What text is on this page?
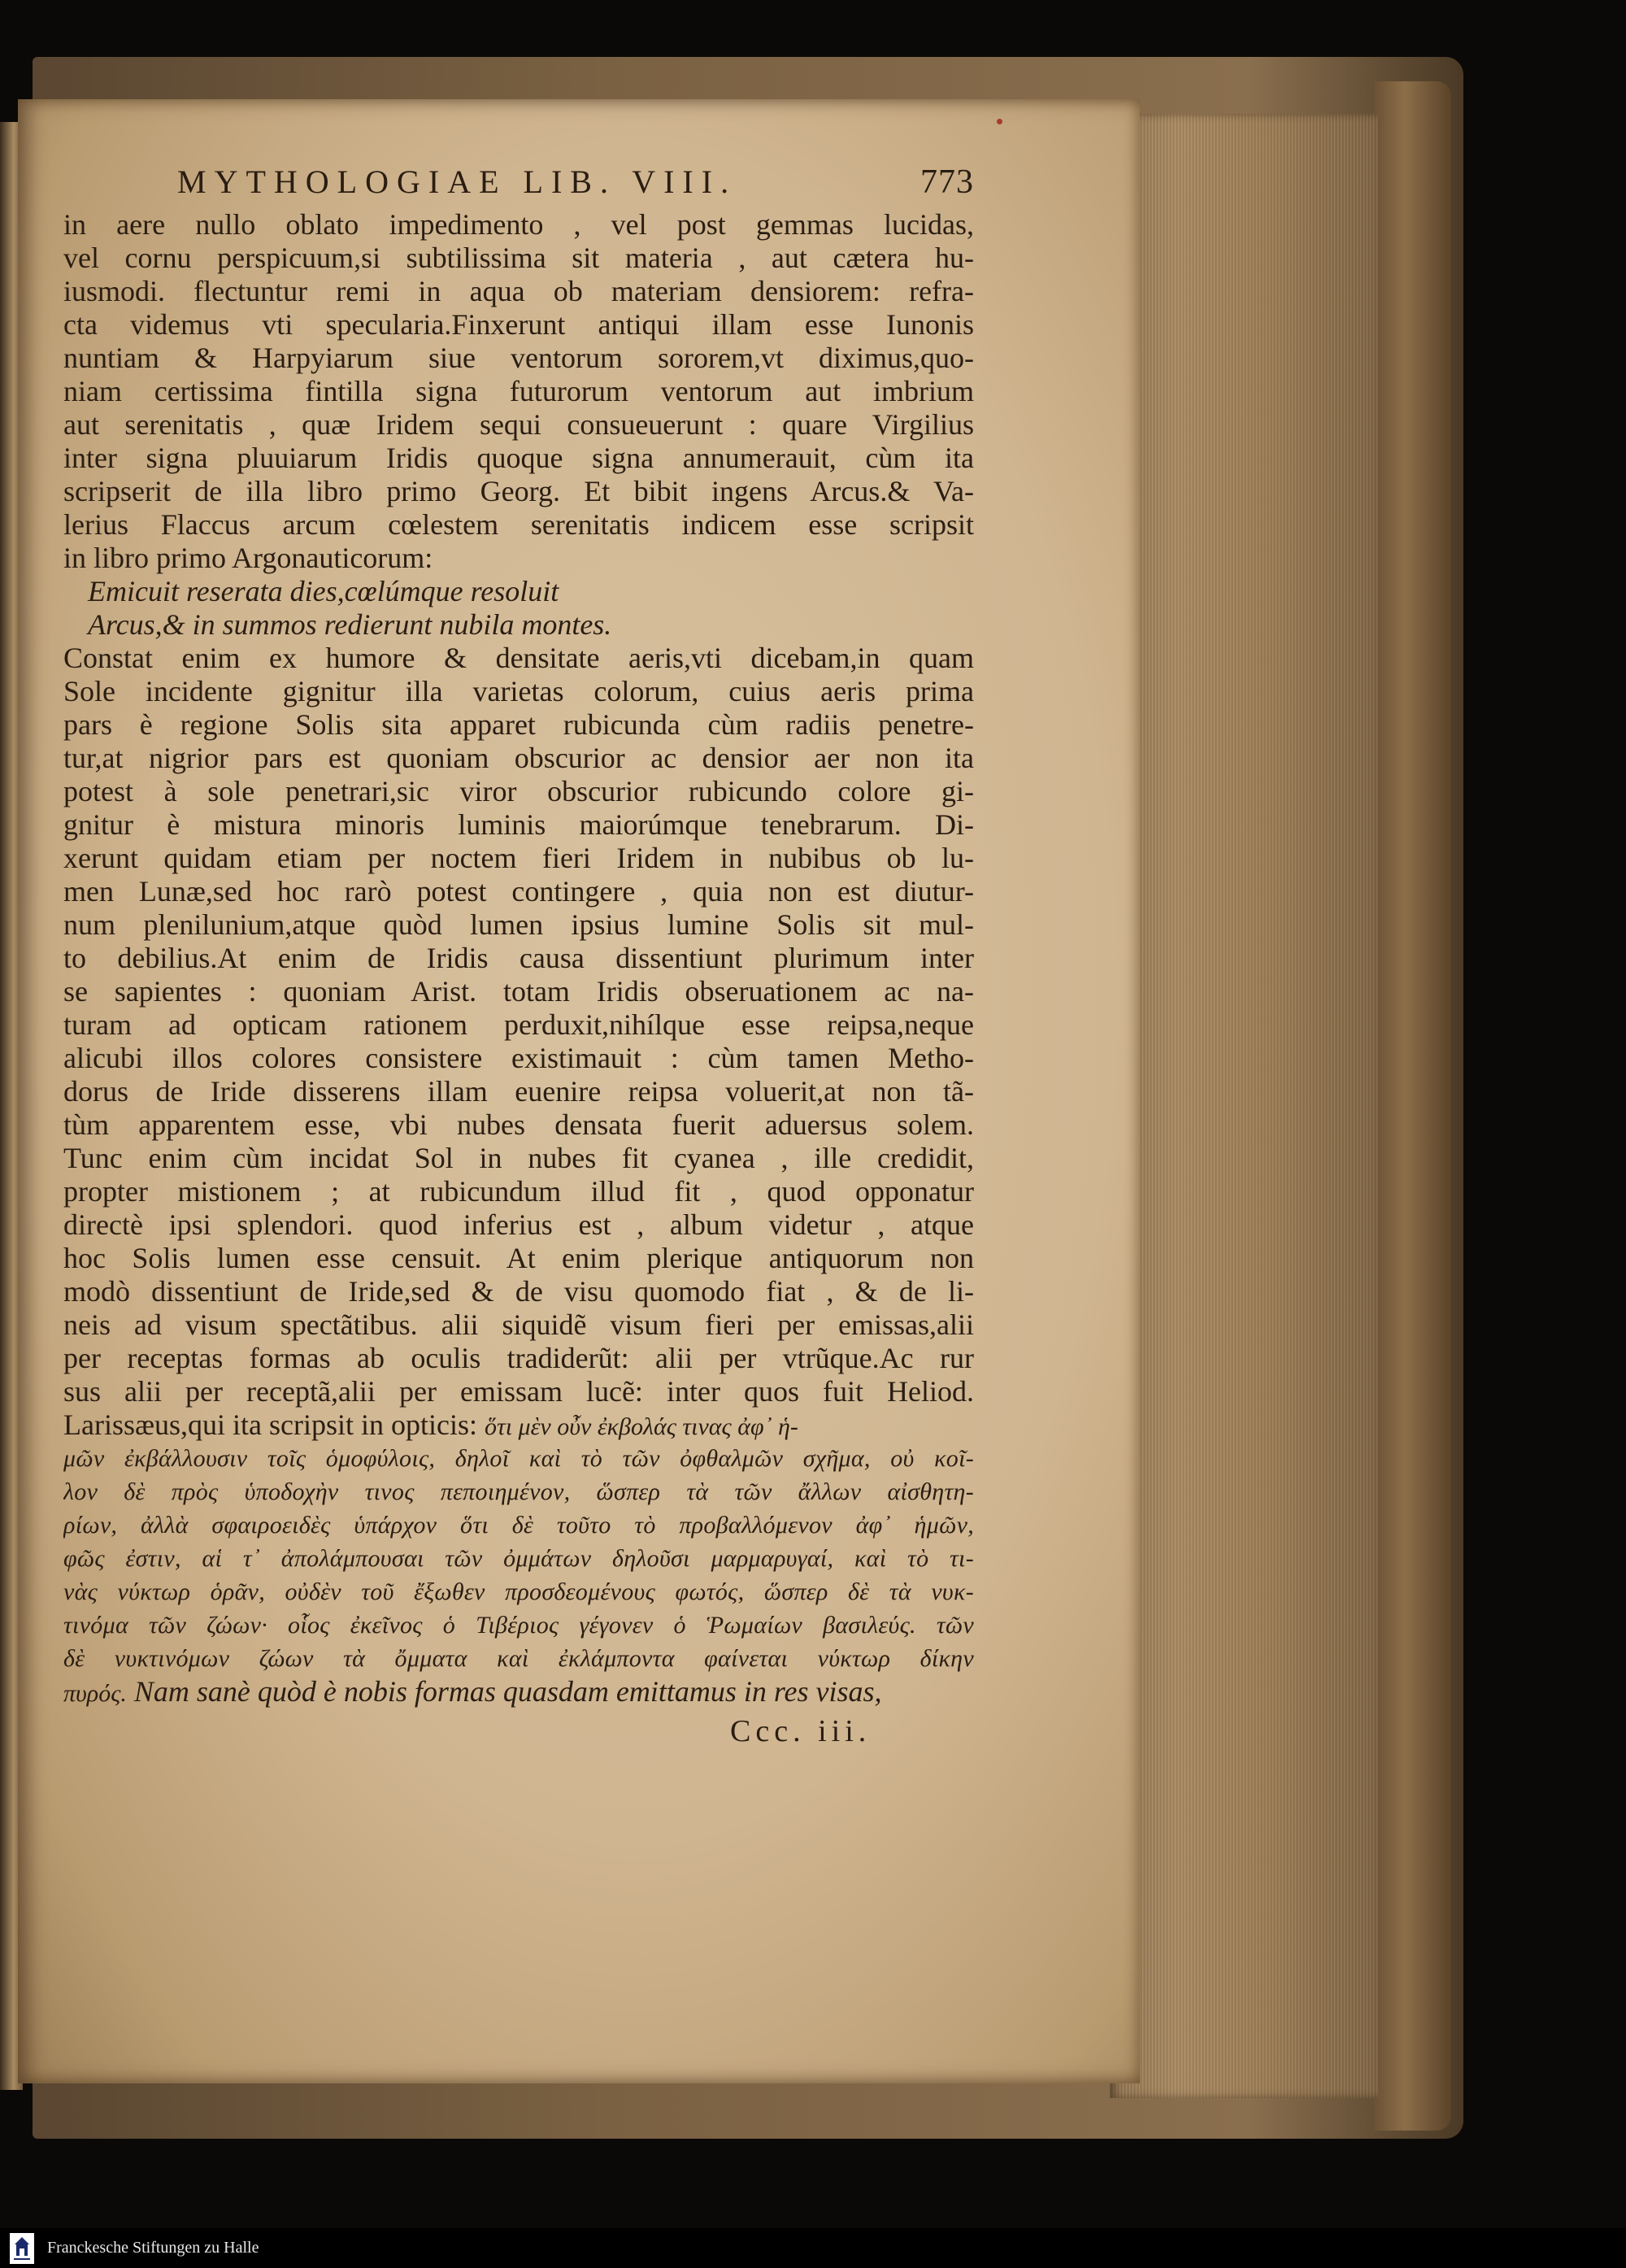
MYTHOLOGIAE LIB. VIII.	773
in aere nullo oblato impedimento , vel post gemmas lucidas,
vel cornu perspicuum,si subtilissima sit materia , aut cætera hu-
iusmodi. flectuntur remi in aqua ob materiam densiorem: refra-
cta videmus vti specularia.Finxerunt antiqui illam esse Iunonis
nuntiam & Harpyiarum siue ventorum sororem,vt diximus,quo-
niam certissima fintilla signa futurorum ventorum aut imbrium
aut serenitatis , quæ Iridem sequi consueuerunt : quare Virgilius
inter signa pluuiarum Iridis quoque signa annumerauit, cùm ita
scripserit de illa libro primo Georg. Et bibit ingens Arcus.& Va-
lerius Flaccus arcum cœlestem serenitatis indicem esse scripsit
in libro primo Argonauticorum:
Emicuit reserata dies,cœlúmque resoluit
Arcus,& in summos redierunt nubila montes.
Constat enim ex humore & densitate aeris,vti dicebam,in quam
Sole incidente gignitur illa varietas colorum, cuius aeris prima
pars è regione Solis sita apparet rubicunda cùm radiis penetre-
tur,at nigrior pars est quoniam obscurior ac densior aer non ita
potest à sole penetrari,sic viror obscurior rubicundo colore gi-
gnitur è mistura minoris luminis maiorúmque tenebrarum. Di-
xerunt quidam etiam per noctem fieri Iridem in nubibus ob lu-
men Lunæ,sed hoc rarò potest contingere , quia non est diutur-
num plenilunium,atque quòd lumen ipsius lumine Solis sit mul-
to debilius.At enim de Iridis causa dissentiunt plurimum inter
se sapientes : quoniam Arist. totam Iridis obseruationem ac na-
turam ad opticam rationem perduxit,nihílque esse reipsa,neque
alicubi illos colores consistere existimauit : cùm tamen Metho-
dorus de Iride disserens illam euenire reipsa voluerit,at non tã-
tùm apparentem esse, vbi nubes densata fuerit aduersus solem.
Tunc enim cùm incidat Sol in nubes fit cyanea , ille credidit,
propter mistionem ; at rubicundum illud fit , quod opponatur
directè ipsi splendori. quod inferius est , album videtur , atque
hoc Solis lumen esse censuit. At enim plerique antiquorum non
modò dissentiunt de Iride,sed & de visu quomodo fiat , & de li-
neis ad visum spectãtibus. alii siquidẽ visum fieri per emissas,alii
per receptas formas ab oculis tradiderũt: alii per vtrũque.Ac rur
sus alii per receptã,alii per emissam lucẽ: inter quos fuit Heliod.
Larissæus,qui ita scripsit in opticis: ὅτι μὲν οὖν ἐκβολάς τινας ἀφ᾽ ἡ-
μῶν ἐκβάλλουσιν τοῖς ὁμοφύλοις, δηλοῖ καὶ τὸ τῶν ὀφθαλμῶν σχῆμα, οὐ κοῖ-
λον δὲ πρὸς ὑποδοχὴν τινος πεποιημένον, ὥσπερ τὰ τῶν ἄλλων αἰσθητη-
ρίων, ἀλλὰ σφαιροειδὲς ὑπάρχον ὅτι δὲ τοῦτο τὸ προβαλλόμενον ἀφ᾽ ἡμῶν,
φῶς ἐστιν, αἱ τ᾽ ἀπολάμπουσαι τῶν ὀμμάτων δηλοῦσι μαρμαρυγαί, καὶ τὸ τι-
νὰς νύκτωρ ὁρᾶν, οὐδὲν τοῦ ἔξωθεν προσδεομένους φωτός, ὥσπερ δὲ τὰ νυκ-
τινόμα τῶν ζώων· οἷος ἐκεῖνος ὁ Τιβέριος γέγονεν ὁ Ῥωμαίων βασιλεύς. τῶν
δὲ νυκτινόμων ζώων τὰ ὄμματα καὶ ἐκλάμποντα φαίνεται νύκτωρ δίκην
πυρός. Nam sanè quòd è nobis formas quasdam emittamus in res visas,
Ccc. iii.
Franckesche Stiftungen zu Halle
